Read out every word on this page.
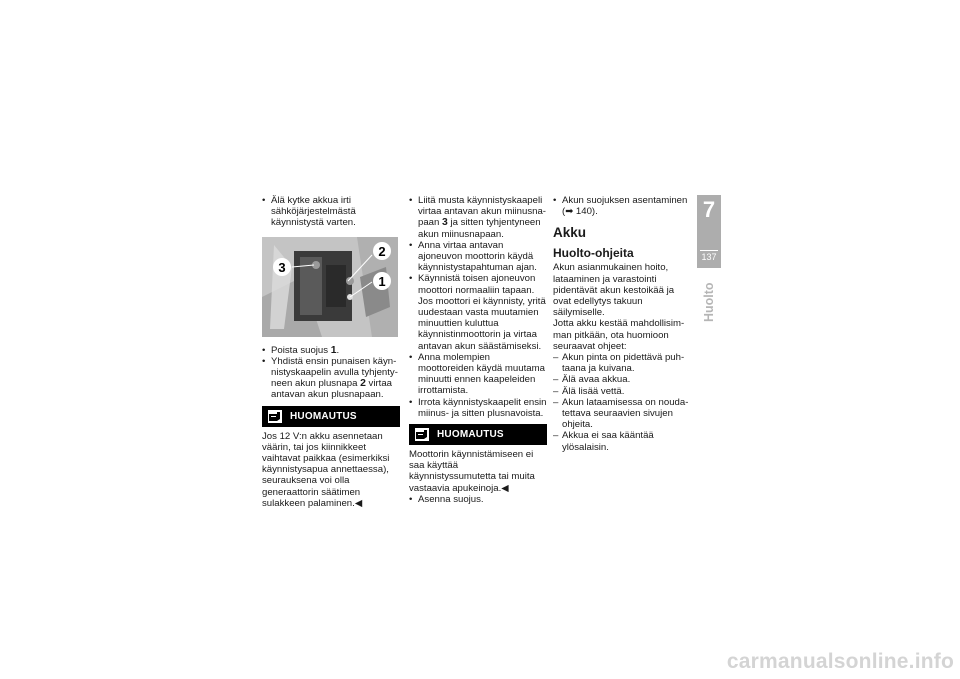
• Älä kytke akkua irti sähköjärjestelmästä käynnistystä varten.
3
2
1
• Poista suojus 1.
• Yhdistä ensin punaisen käynnistyskaapelin avulla tyhjentyneen akun plusnapa 2 virtaa antavan akun plusnapaan.
HUOMAUTUS

Jos 12 V:n akku asennetaan väärin, tai jos kiinnikkeet vaihtavat paikkaa (esimerkiksi käynnistysapua annettaessa), seurauksena voi olla generaattorin säätimen sulakkeen palaminen.◀

• Liitä musta käynnistyskaapeli virtaa antavan akun miinusnapaan 3 ja sitten tyhjentyneen akun miinusnapaan.
• Anna virtaa antavan ajoneuvon moottorin käydä käynnistystapahtuman ajan.
• Käynnistä toisen ajoneuvon moottori normaaliin tapaan. Jos moottori ei käynnisty, yritä uudestaan vasta muutamien minuuttien kuluttua käynnistinmoottorin ja virtaa antavan akun säästämiseksi.
• Anna molempien moottoreiden käydä muutama minuutti ennen kaapeleiden irrottamista.
• Irrota käynnistyskaapelit ensin miinus- ja sitten plusnavoista.
HUOMAUTUS

Moottorin käynnistämiseen ei saa käyttää käynnistyssumutetta tai muita vastaavia apukeinoja.◀

• Asenna suojus.
• Akun suojuksen asentaminen
(➡ 140).
Akku
Huolto-ohjeita

Akun asianmukainen hoito, lataaminen ja varastointi pidentävät akun kestoikää ja ovat edellytys takuun säilymiselle.

Jotta akku kestää mahdollisimman pitkään, ota huomioon seuraavat ohjeet:

– Akun pinta on pidettävä puhtaana ja kuivana.
– Älä avaa akkua.
– Älä lisää vettä.
– Akun lataamisessa on noudatettava seuraavien sivujen ohjeita.
– Akkua ei saa kääntää ylösalaisin.
7
137
Huolto
carmanualsonline.info
